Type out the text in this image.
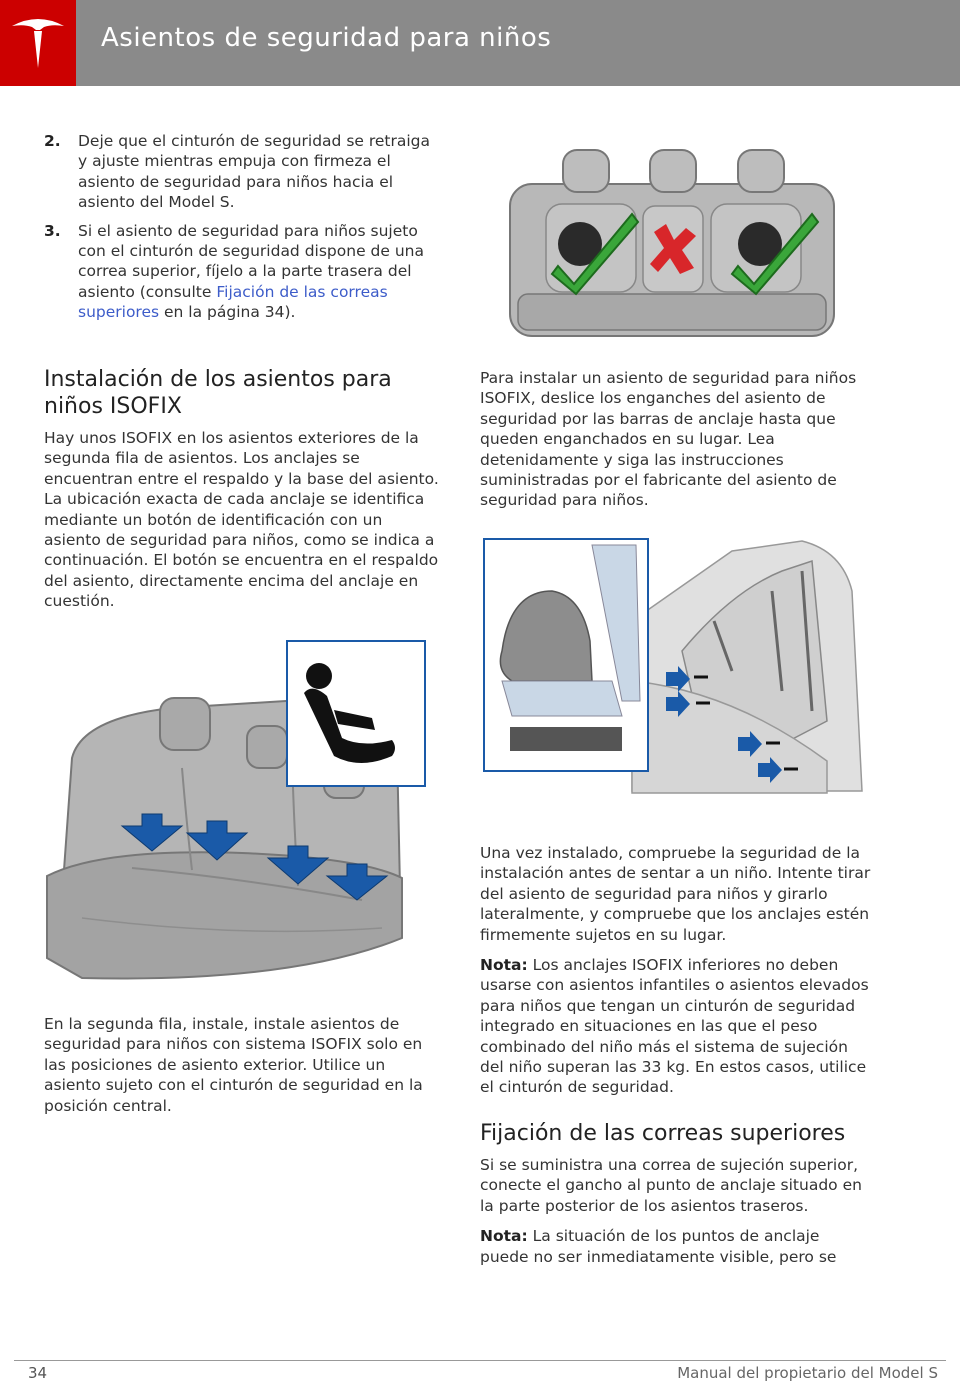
Asientos de seguridad para niños
2. Deje que el cinturón de seguridad se retraiga y ajuste mientras empuja con firmeza el asiento de seguridad para niños hacia el asiento del Model S.
3. Si el asiento de seguridad para niños sujeto con el cinturón de seguridad dispone de una correa superior, fíjelo a la parte trasera del asiento (consulte Fijación de las correas superiores en la página 34).
Instalación de los asientos para niños ISOFIX

Hay unos ISOFIX en los asientos exteriores de la segunda fila de asientos. Los anclajes se encuentran entre el respaldo y la base del asiento. La ubicación exacta de cada anclaje se identifica mediante un botón de identificación con un asiento de seguridad para niños, como se indica a continuación. El botón se encuentra en el respaldo del asiento, directamente encima del anclaje en cuestión.

En la segunda fila, instale, instale asientos de seguridad para niños con sistema ISOFIX solo en las posiciones de asiento exterior. Utilice un asiento sujeto con el cinturón de seguridad en la posición central.

Para instalar un asiento de seguridad para niños ISOFIX, deslice los enganches del asiento de seguridad por las barras de anclaje hasta que queden enganchados en su lugar. Lea detenidamente y siga las instrucciones suministradas por el fabricante del asiento de seguridad para niños.

Una vez instalado, compruebe la seguridad de la instalación antes de sentar a un niño. Intente tirar del asiento de seguridad para niños y girarlo lateralmente, y compruebe que los anclajes estén firmemente sujetos en su lugar.

Nota: Los anclajes ISOFIX inferiores no deben usarse con asientos infantiles o asientos elevados para niños que tengan un cinturón de seguridad integrado en situaciones en las que el peso combinado del niño más el sistema de sujeción del niño superan las 33 kg. En estos casos, utilice el cinturón de seguridad.

Fijación de las correas superiores

Si se suministra una correa de sujeción superior, conecte el gancho al punto de anclaje situado en la parte posterior de los asientos traseros.

Nota: La situación de los puntos de anclaje puede no ser inmediatamente visible, pero se

34	Manual del propietario del Model S
